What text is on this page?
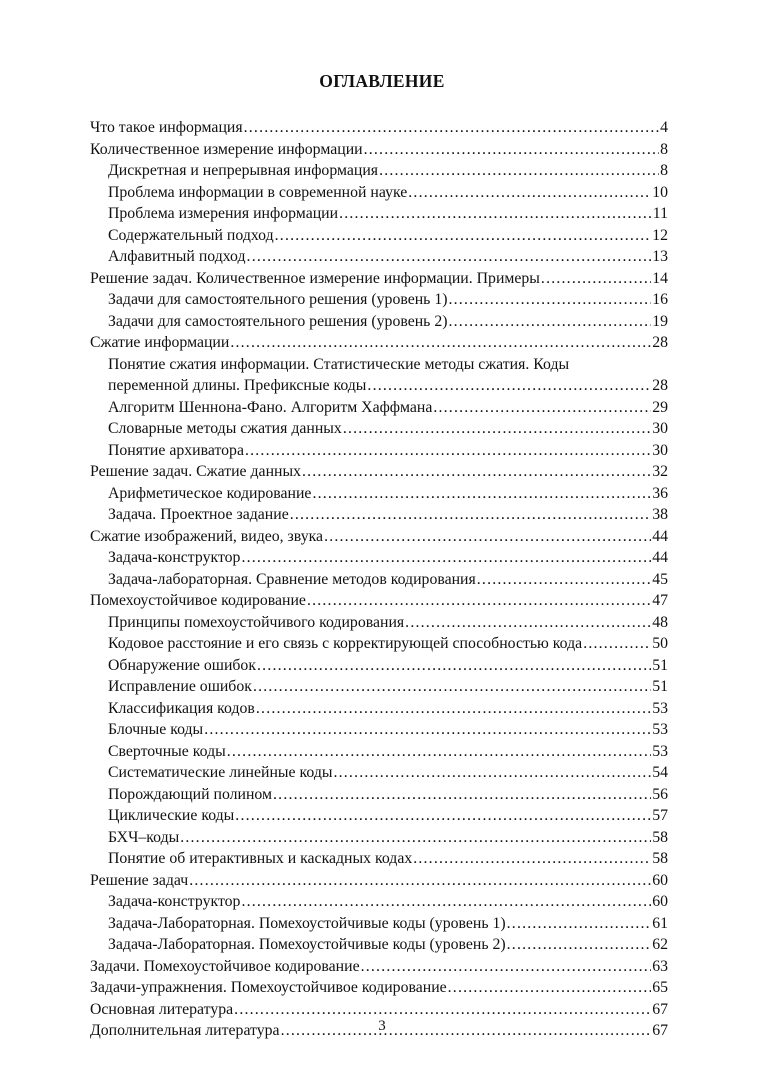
ОГЛАВЛЕНИЕ
Что такое информация .....	4
Количественное измерение информации .....	8
Дискретная и непрерывная информация .....	8
Проблема информации в современной науке .....	10
Проблема измерения информации .....	11
Содержательный подход .....	12
Алфавитный подход .....	13
Решение задач. Количественное измерение информации. Примеры .....	14
Задачи для самостоятельного решения (уровень 1) .....	16
Задачи для самостоятельного решения (уровень 2) .....	19
Сжатие информации .....	28
Понятие сжатия информации. Статистические методы сжатия. Коды
переменной длины. Префиксные коды .....	28
Алгоритм Шеннона-Фано. Алгоритм Хаффмана .....	29
Словарные методы сжатия данных .....	30
Понятие архиватора .....	30
Решение задач. Сжатие данных .....	32
Арифметическое кодирование .....	36
Задача. Проектное задание .....	38
Сжатие изображений, видео, звука .....	44
Задача-конструктор .....	44
Задача-лабораторная. Сравнение методов кодирования .....	45
Помехоустойчивое кодирование .....	47
Принципы помехоустойчивого кодирования .....	48
Кодовое расстояние и его связь с корректирующей способностью кода .....	50
Обнаружение ошибок .....	51
Исправление ошибок .....	51
Классификация кодов .....	53
Блочные коды .....	53
Сверточные коды .....	53
Систематические линейные коды .....	54
Порождающий полином .....	56
Циклические коды .....	57
БХЧ–коды .....	58
Понятие об итерактивных и каскадных кодах .....	58
Решение задач .....	60
Задача-конструктор .....	60
Задача-Лабораторная. Помехоустойчивые коды (уровень 1) .....	61
Задача-Лабораторная. Помехоустойчивые коды (уровень 2) .....	62
Задачи. Помехоустойчивое кодирование .....	63
Задачи-упражнения. Помехоустойчивое кодирование .....	65
Основная литература .....	67
Дополнительная литература .....	67
3
